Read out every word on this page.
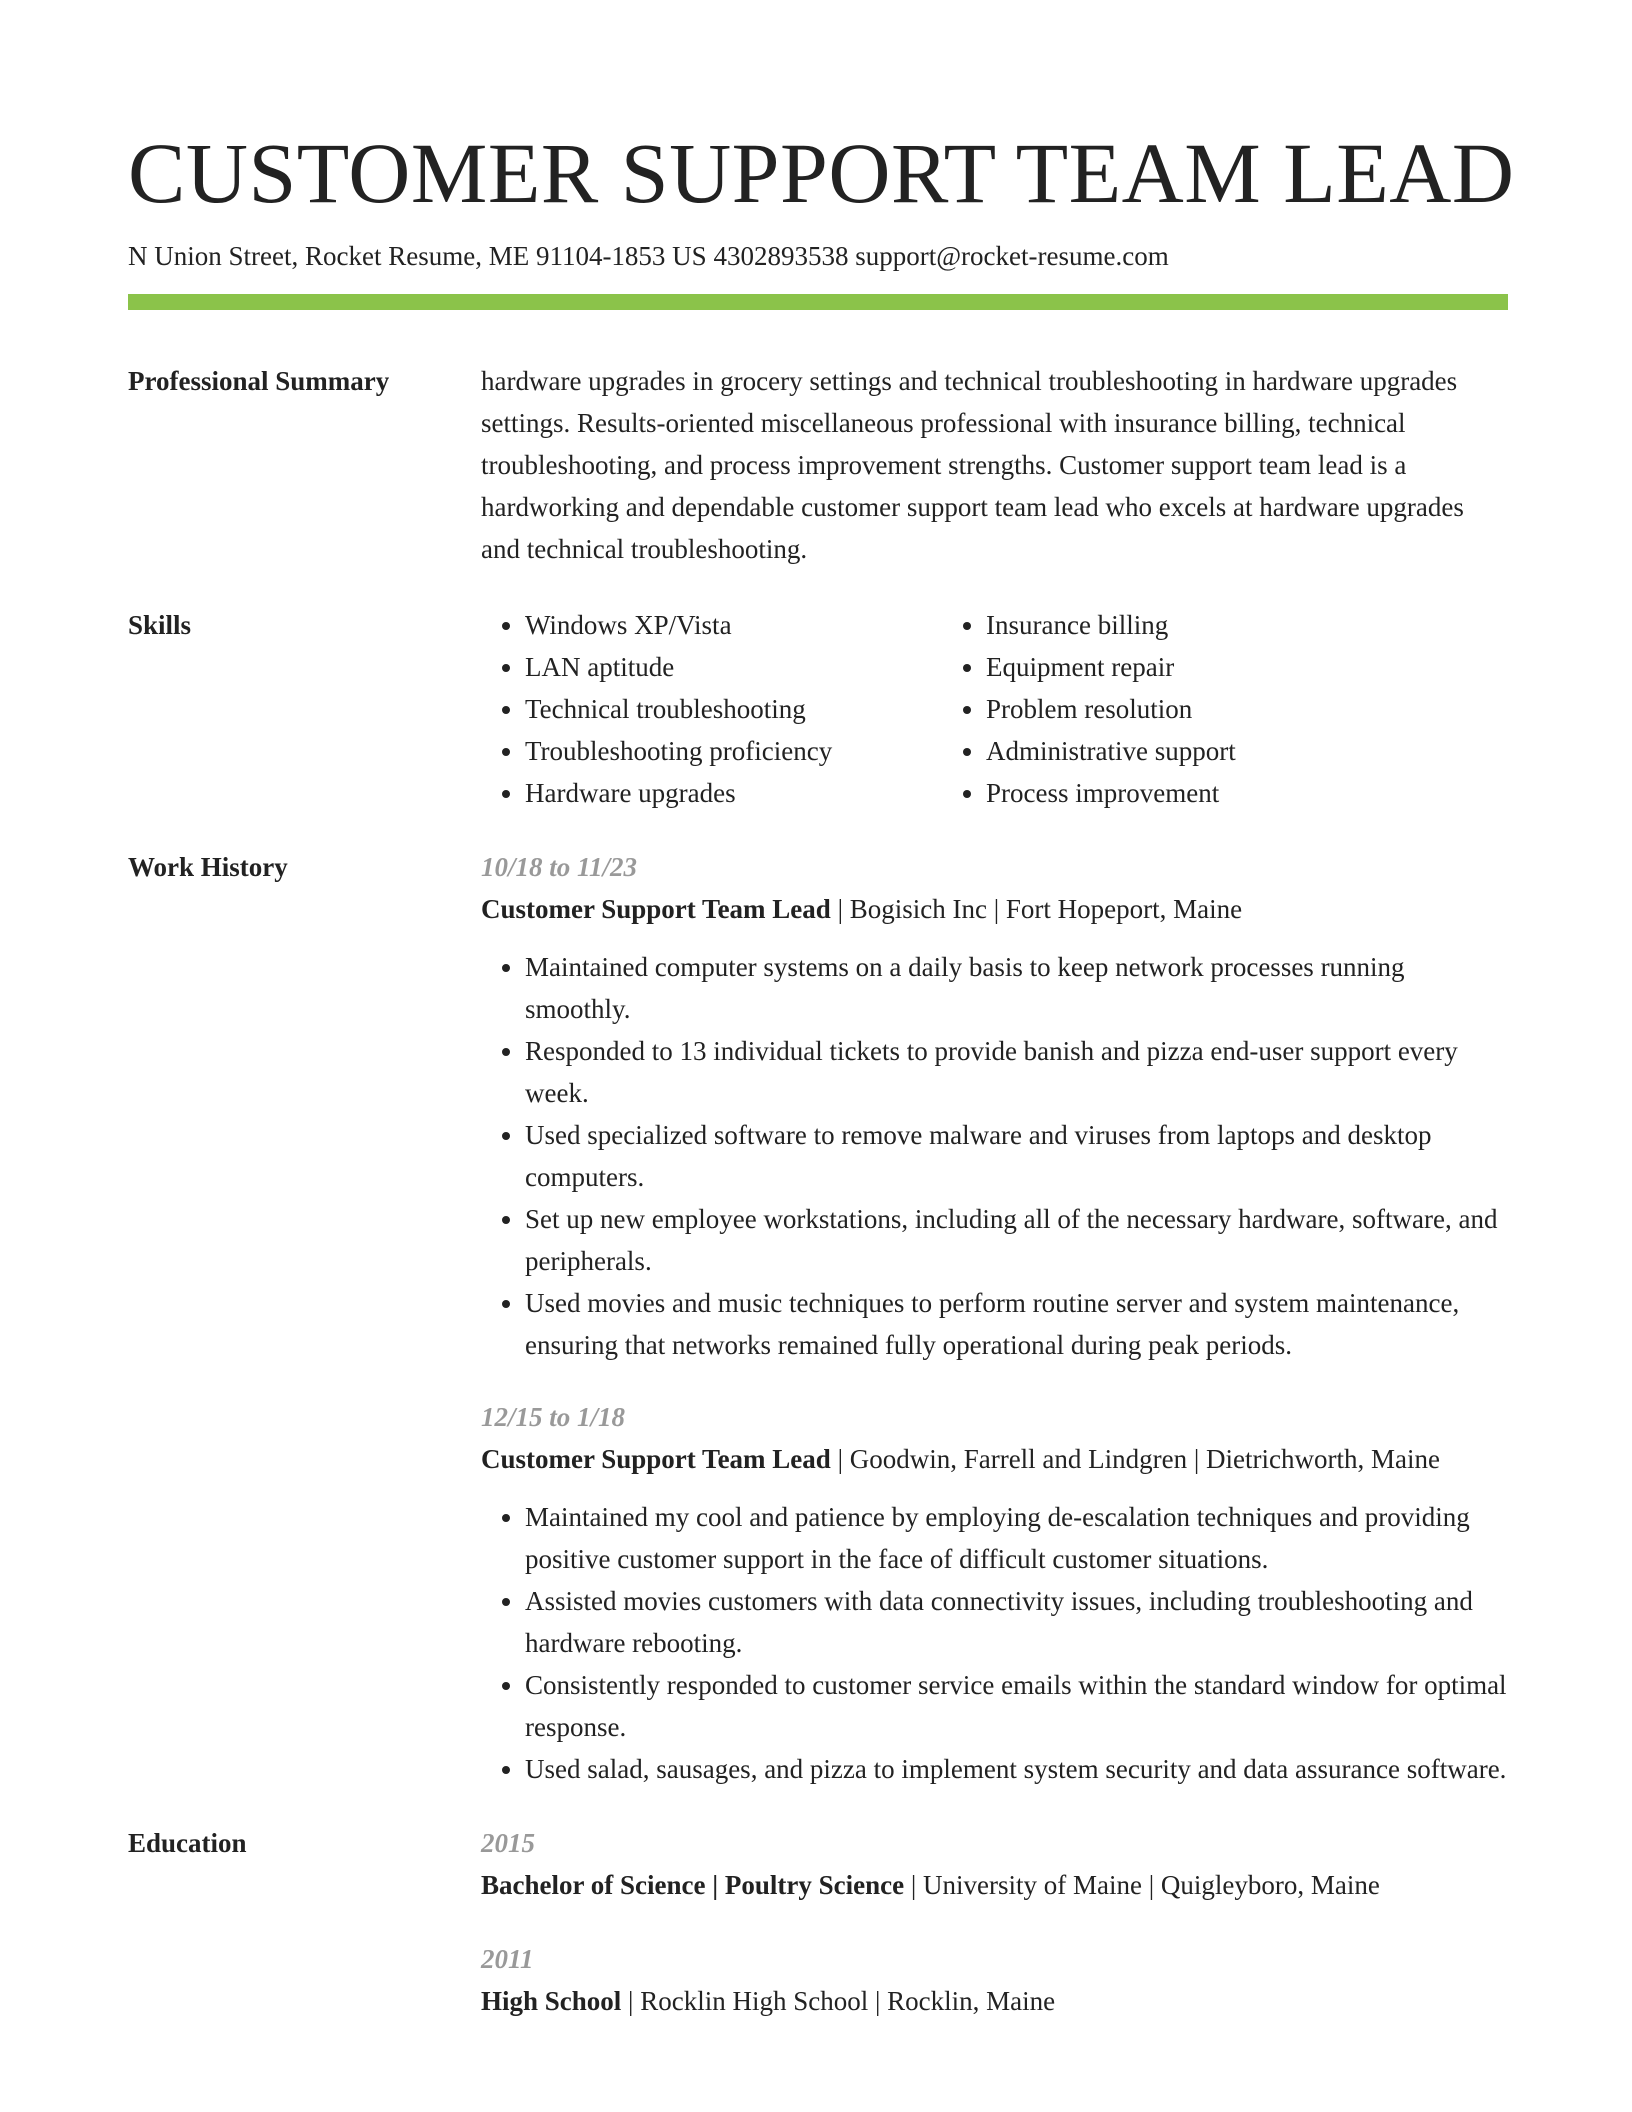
CUSTOMER SUPPORT TEAM LEAD
N Union Street, Rocket Resume, ME 91104-1853 US 4302893538 support@rocket-resume.com
Professional Summary	hardware upgrades in grocery settings and technical troubleshooting in hardware upgrades settings. Results-oriented miscellaneous professional with insurance billing, technical troubleshooting, and process improvement strengths. Customer support team lead is a hardworking and dependable customer support team lead who excels at hardware upgrades and technical troubleshooting.
Skills
•	Windows XP/Vista
• LAN aptitude
• Technical troubleshooting
• Troubleshooting proficiency
• Hardware upgrades
• Insurance billing
• Equipment repair
• Problem resolution
• Administrative support
• Process improvement
Work History	10/18 to 11/23
Customer Support Team Lead | Bogisich Inc | Fort Hopeport, Maine
• Maintained computer systems on a daily basis to keep network processes running smoothly.
• Responded to 13 individual tickets to provide banish and pizza end-user support every week.
• Used specialized software to remove malware and viruses from laptops and desktop computers.
• Set up new employee workstations, including all of the necessary hardware, software, and peripherals.
• Used movies and music techniques to perform routine server and system maintenance, ensuring that networks remained fully operational during peak periods.
12/15 to 1/18
Customer Support Team Lead | Goodwin, Farrell and Lindgren | Dietrichworth, Maine
• Maintained my cool and patience by employing de-escalation techniques and providing positive customer support in the face of difficult customer situations.
• Assisted movies customers with data connectivity issues, including troubleshooting and hardware rebooting.
• Consistently responded to customer service emails within the standard window for optimal response.
• Used salad, sausages, and pizza to implement system security and data assurance software.
Education	2015
Bachelor of Science | Poultry Science | University of Maine | Quigleyboro, Maine
2011
High School | Rocklin High School | Rocklin, Maine
